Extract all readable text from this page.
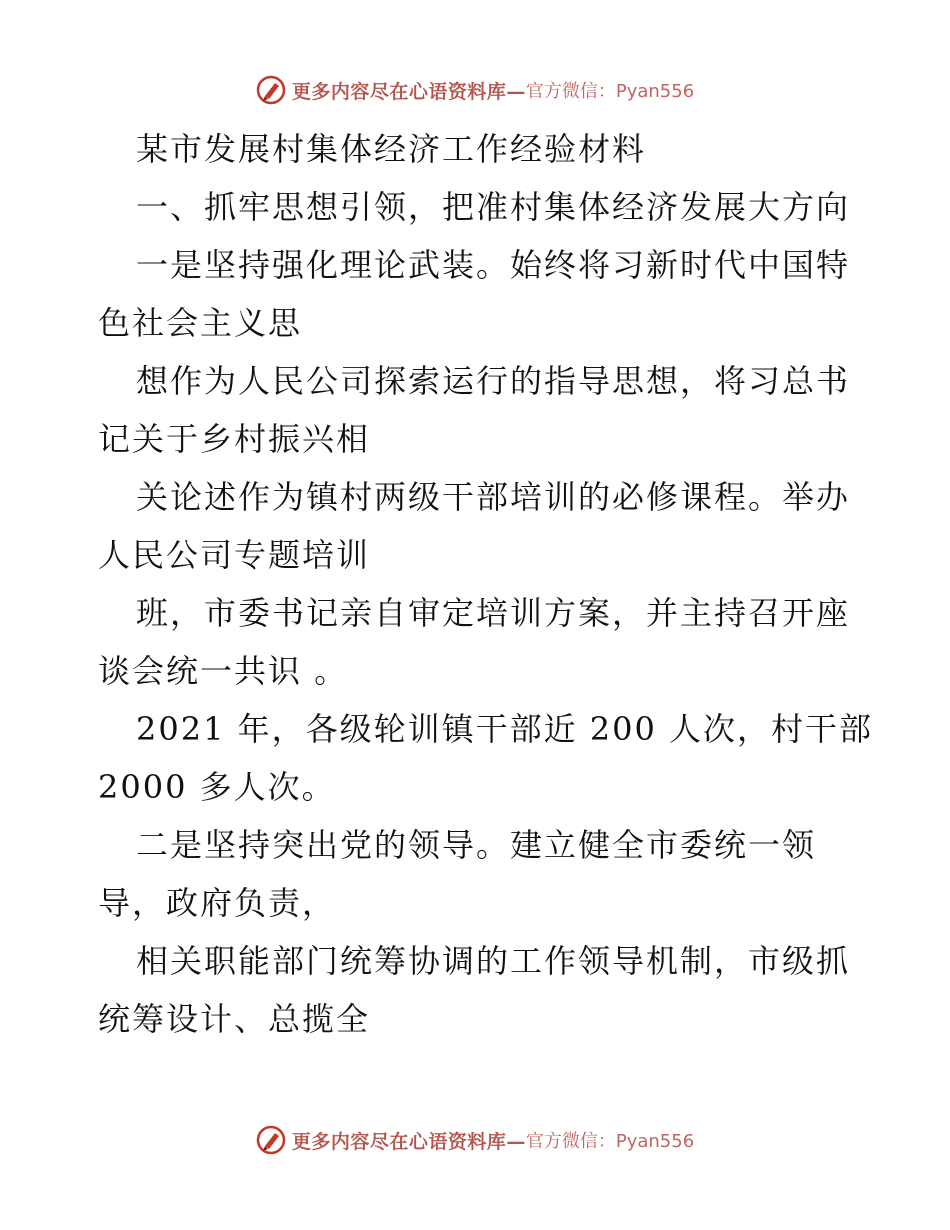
更多内容尽在心语资料库— 官方微信：Pyan556
某市发展村集体经济工作经验材料
一、抓牢思想引领，把准村集体经济发展大方向
一是坚持强化理论武装。始终将习新时代中国特
色社会主义思
想作为人民公司探索运行的指导思想，将习总书
记关于乡村振兴相
关论述作为镇村两级干部培训的必修课程。举办
人民公司专题培训
班，市委书记亲自审定培训方案，并主持召开座
谈会统一共识 。
2021 年，各级轮训镇干部近 200 人次，村干部
2000 多人次。
二是坚持突出党的领导。建立健全市委统一领
导，政府负责，
相关职能部门统筹协调的工作领导机制，市级抓
统筹设计、总揽全
更多内容尽在心语资料库— 官方微信：Pyan556
